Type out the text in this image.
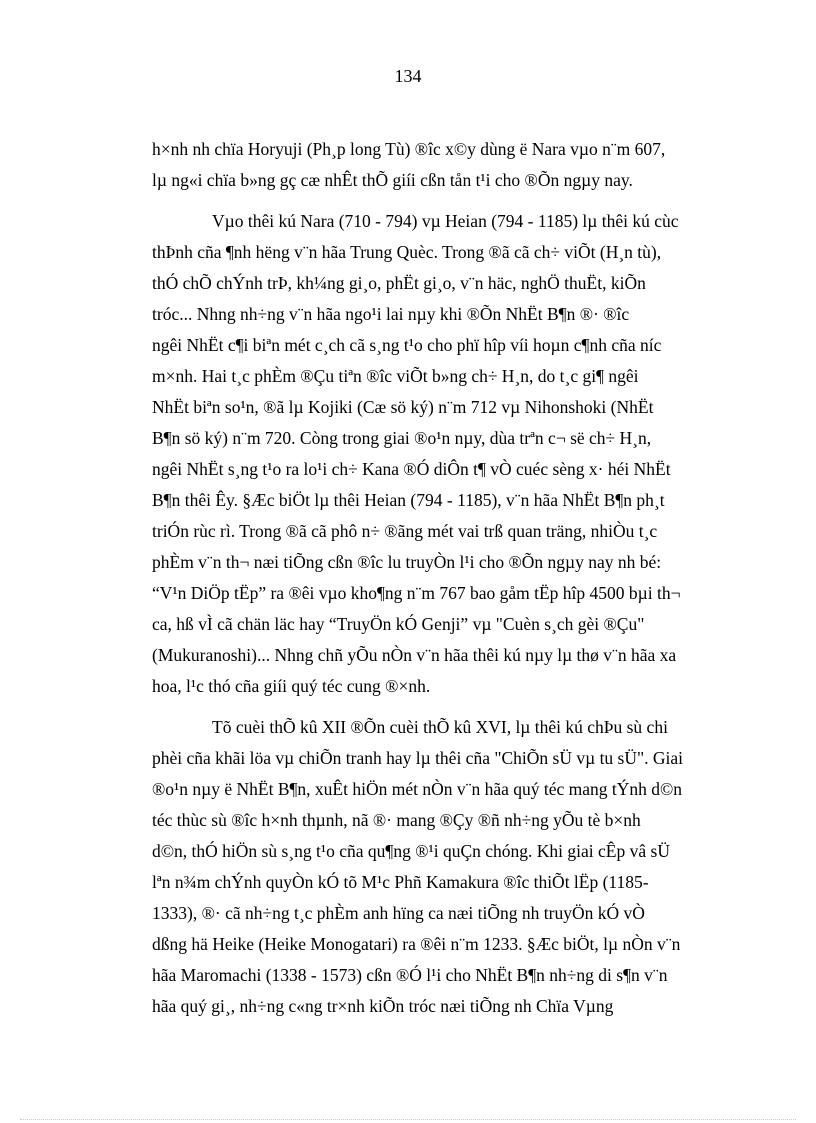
134

h×nh nh chïa Horyuji (Ph¸p long Tù) ®îc x©y dùng ë Nara vµo n¨m 607,
lµ ng«i chïa b»ng gç cæ nhÊt thÕ giíi cßn tån t¹i cho ®Õn ngµy nay.

Vµo thêi kú Nara (710 - 794) vµ Heian (794 - 1185) lµ thêi kú cùc
thÞnh cña ¶nh hëng v¨n hãa Trung Quèc. Trong ®ã cã ch÷ viÕt (H¸n tù),
thÓ chÕ chÝnh trÞ, kh¼ng gi¸o, phËt gi¸o, v¨n häc, nghÖ thuËt, kiÕn
tróc... Nhng nh÷ng v¨n hãa ngo¹i lai nµy khi ®Õn NhËt B¶n ®· ®îc
ngêi NhËt c¶i biªn mét c¸ch cã s¸ng t¹o cho phï hîp víi hoµn c¶nh cña níc
m×nh. Hai t¸c phÈm ®Çu tiªn ®îc viÕt b»ng ch÷ H¸n, do t¸c gi¶ ngêi
NhËt biªn so¹n, ®ã lµ Kojiki (Cæ sö ký) n¨m 712 vµ Nihonshoki (NhËt
B¶n sö ký) n¨m 720. Còng trong giai ®o¹n nµy, dùa trªn c¬ së ch÷ H¸n,
ngêi NhËt s¸ng t¹o ra lo¹i ch÷ Kana ®Ó diÔn t¶ vÒ cuéc sèng x· héi NhËt
B¶n thêi Êy. §Æc biÖt lµ thêi Heian (794 - 1185), v¨n hãa NhËt B¶n ph¸t
triÓn rùc rì. Trong ®ã cã phô n÷ ®ãng mét vai trß quan träng, nhiÒu t¸c
phÈm v¨n th¬ næi tiÕng cßn ®îc lu truyÒn l¹i cho ®Õn ngµy nay nh bé:
“V¹n DiÖp tËp” ra ®êi vµo kho¶ng n¨m 767 bao gåm tËp hîp 4500 bµi th¬
ca, hß vÌ cã chän läc hay “TruyÖn kÓ Genji” vµ "Cuèn s¸ch gèi ®Çu"
(Mukuranoshi)... Nhng chñ yÕu nÒn v¨n hãa thêi kú nµy lµ thø v¨n hãa xa
hoa, l¹c thó cña giíi quý téc cung ®×nh.

Tõ cuèi thÕ kû XII ®Õn cuèi thÕ kû XVI, lµ thêi kú chÞu sù chi
phèi cña khãi löa vµ chiÕn tranh hay lµ thêi cña "ChiÕn sÜ vµ tu sÜ". Giai
®o¹n nµy ë NhËt B¶n, xuÊt hiÖn mét nÒn v¨n hãa quý téc mang tÝnh d©n
téc thùc sù ®îc h×nh thµnh, nã ®· mang ®Çy ®ñ nh÷ng yÕu tè b×nh
d©n, thÓ hiÖn sù s¸ng t¹o cña qu¶ng ®¹i quÇn chóng. Khi giai cÊp vâ sÜ
lªn n¾m chÝnh quyÒn kÓ tõ M¹c Phñ Kamakura ®îc thiÕt lËp (1185-
1333), ®· cã nh÷ng t¸c phÈm anh hïng ca næi tiÕng nh truyÖn kÓ vÒ
dßng hä Heike (Heike Monogatari) ra ®êi n¨m 1233. §Æc biÖt, lµ nÒn v¨n
hãa Maromachi (1338 - 1573) cßn ®Ó l¹i cho NhËt B¶n nh÷ng di s¶n v¨n
hãa quý gi¸, nh÷ng c«ng tr×nh kiÕn tróc næi tiÕng nh Chïa Vµng
